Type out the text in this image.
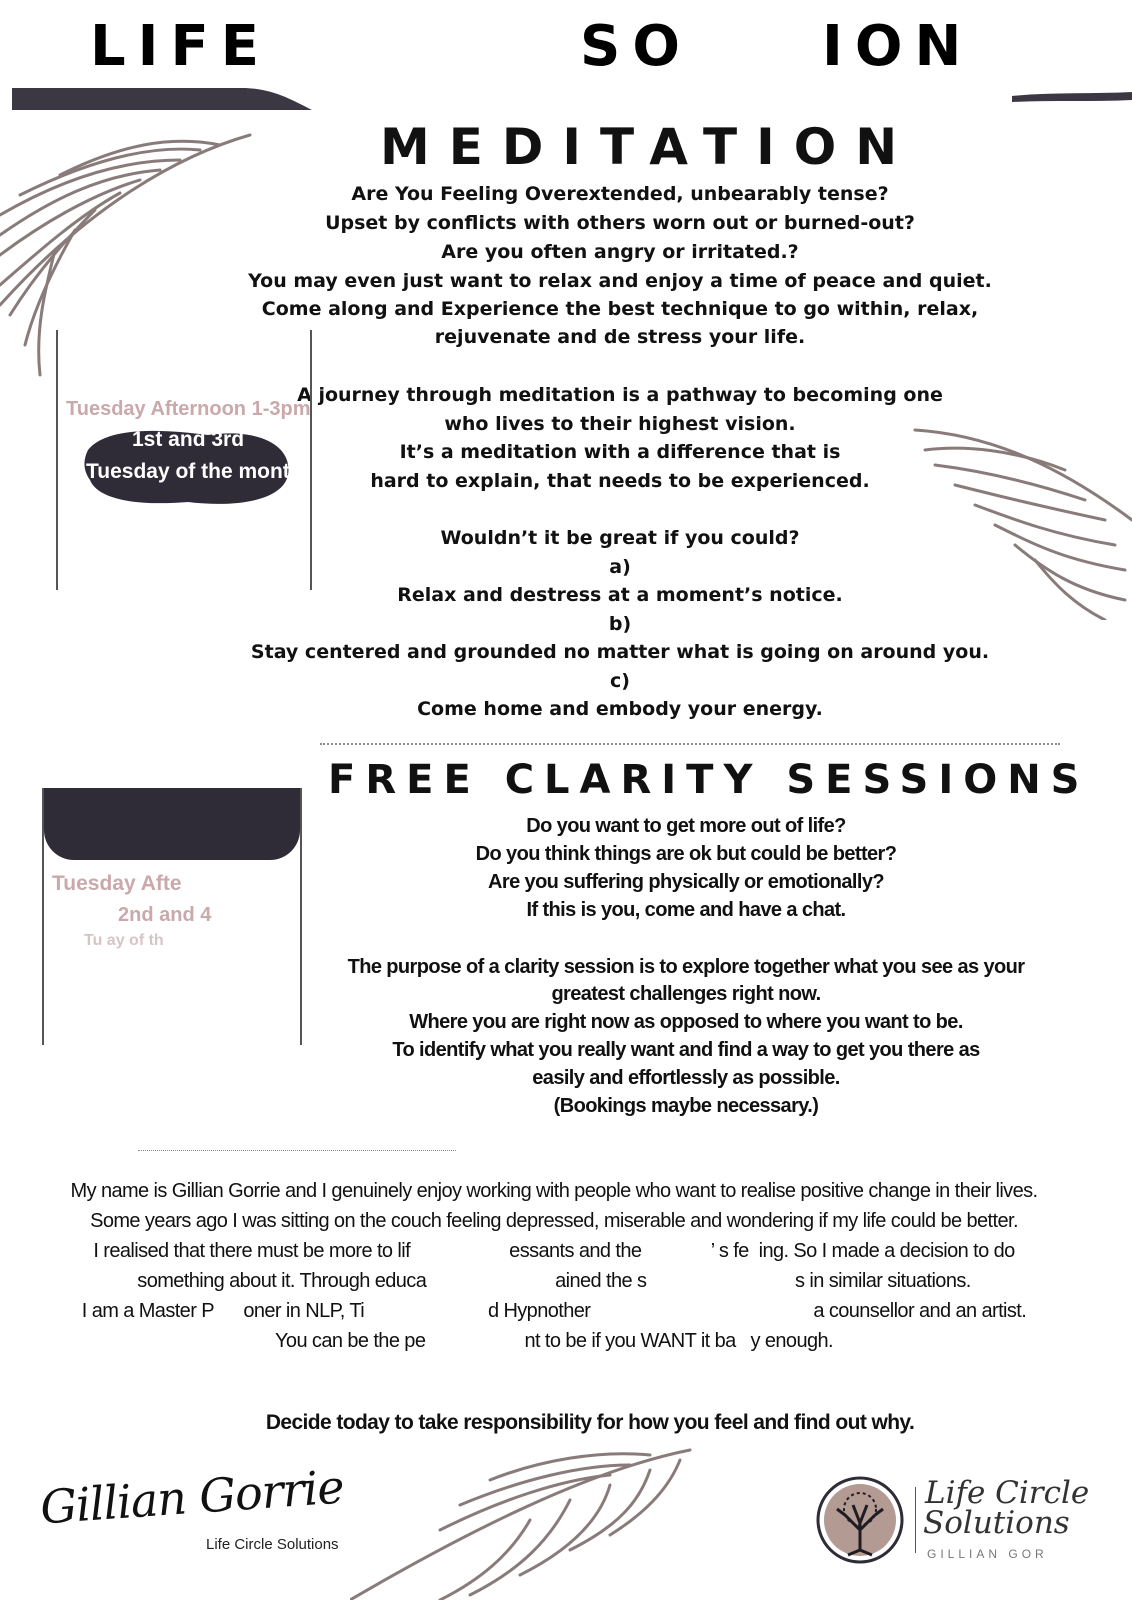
LIFE	SO ION
MEDITATION
Are You Feeling Overextended, unbearably tense?
Upset by conflicts with others worn out or burned-out?
Are you often angry or irritated.?
You may even just want to relax and enjoy a time of peace and quiet.
Come along and Experience the best technique to go within, relax,
rejuvenate and de stress your life.
A journey through meditation is a pathway to becoming one
who lives to their highest vision.
It’s a meditation with a difference that is
hard to explain, that needs to be experienced.
Wouldn’t it be great if you could?
a)
Relax and destress at a moment’s notice.
b)
Stay centered and grounded no matter what is going on around you.
c)
Come home and embody your energy.
Tuesday Afternoon 1-3pm
1st and 3rd
Tuesday of the month
FREE CLARITY SESSIONS
Do you want to get more out of life?
Do you think things are ok but could be better?
Are you suffering physically or emotionally?
If this is you, come and have a chat.
The purpose of a clarity session is to explore together what you see as your
greatest challenges right now.
Where you are right now as opposed to where you want to be.
To identify what you really want and find a way to get you there as
easily and effortlessly as possible.
(Bookings maybe necessary.)
Tuesday Afte
2nd and 4
Tu ay of th
My name is Gillian Gorrie and I genuinely enjoy working with people who want to realise positive change in their lives.
Some years ago I was sitting on the couch feeling depressed, miserable and wondering if my life could be better.
I realised that there must be more to lif                    essants and the              ’ s fe  ing. So I made a decision to do
something about it. Through educa                          ained the s                              s in similar situations.
I am a Master P      oner in NLP, Ti                         d Hypnother                                             a counsellor and an artist.
You can be the pe                    nt to be if you WANT it ba   y enough.
Decide today to take responsibility for how you feel and find out why.
Gillian Gorrie
Life Circle Solutions
Life Circle
Solutions
GILLIAN GOR
